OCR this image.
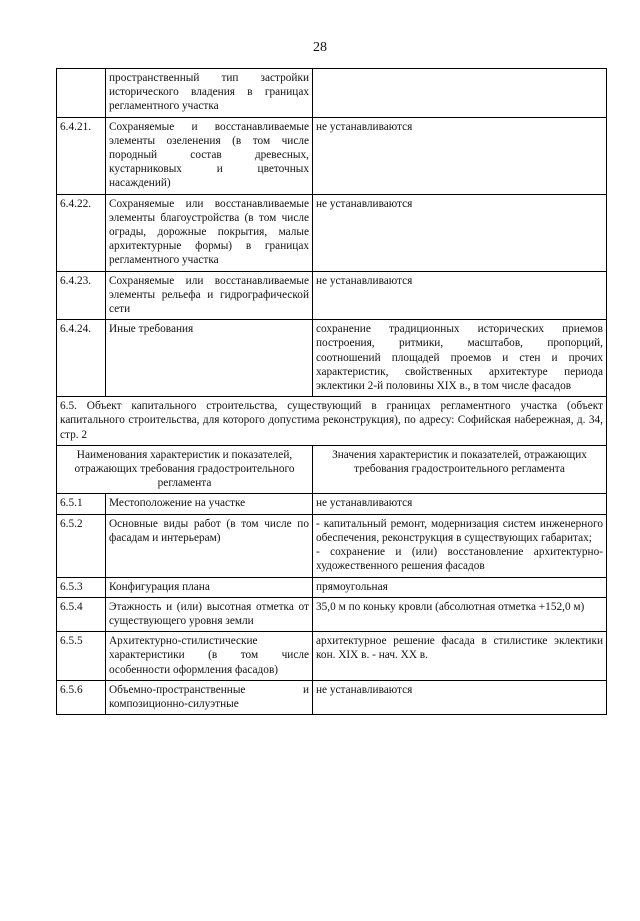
28
	пространственный тип застройки исторического владения в границах регламентного участка	
6.4.21.	Сохраняемые и восстанавливаемые элементы озеленения (в том числе породный состав древесных, кустарниковых и цветочных насаждений)	не устанавливаются
6.4.22.	Сохраняемые или восстанавливаемые элементы благоустройства (в том числе ограды, дорожные покрытия, малые архитектурные формы) в границах регламентного участка	не устанавливаются
6.4.23.	Сохраняемые или восстанавливаемые элементы рельефа и гидрографической сети	не устанавливаются
6.4.24.	Иные требования	сохранение традиционных исторических приемов построения, ритмики, масштабов, пропорций, соотношений площадей проемов и стен и прочих характеристик, свойственных архитектуре периода эклектики 2-й половины XIX в., в том числе фасадов
6.5. Объект капитального строительства, существующий в границах регламентного участка (объект капитального строительства, для которого допустима реконструкция), по адресу: Софийская набережная, д. 34, стр. 2		
Наименования характеристик и показателей, отражающих требования градостроительного регламента		Значения характеристик и показателей, отражающих требования градостроительного регламента
6.5.1	Местоположение на участке	не устанавливаются
6.5.2	Основные виды работ (в том числе по фасадам и интерьерам)	- капитальный ремонт, модернизация систем инженерного обеспечения, реконструкция в существующих габаритах;
- сохранение и (или) восстановление архитектурно-художественного решения фасадов
6.5.3	Конфигурация плана	прямоугольная
6.5.4	Этажность и (или) высотная отметка от существующего уровня земли	35,0 м по коньку кровли (абсолютная отметка +152,0 м)
6.5.5	Архитектурно-стилистические характеристики (в том числе особенности оформления фасадов)	архитектурное решение фасада в стилистике эклектики кон. XIX в. - нач. XX в.
6.5.6	Объемно-пространственные и композиционно-силуэтные	не устанавливаются
